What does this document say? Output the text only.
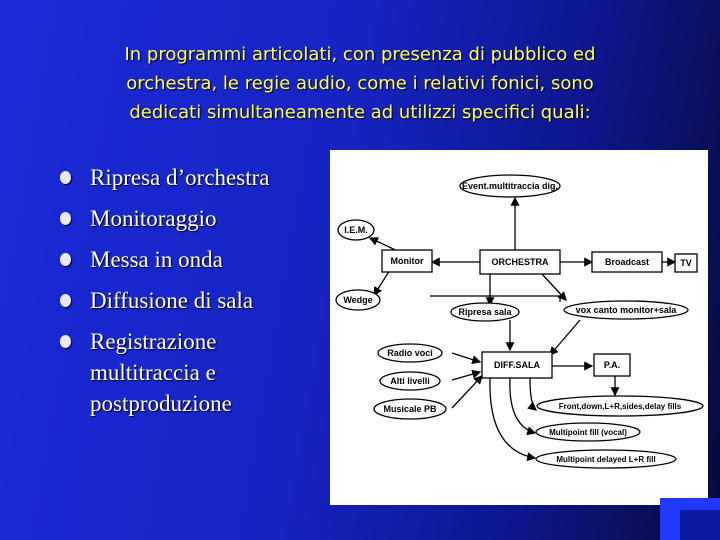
In programmi articolati, con presenza di pubblico ed
orchestra, le regie audio, come i relativi fonici, sono
dedicati simultaneamente ad utilizzi specifici quali:
Ripresa d’orchestra
Monitoraggio
Messa in onda
Diffusione di sala
Registrazione multitraccia e postproduzione
Event.multitraccia dig.
I.E.M.
Monitor	ORCHESTRA	Broadcast	TV
Wedge
Ripresa sala	vox canto monitor+sala
Radio voci
Alti livelli
Musicale PB
DIFF.SALA	P.A.
Front,down,L+R,sides,delay fills
Multipoint fill (vocal)
Multipoint delayed L+R fill
